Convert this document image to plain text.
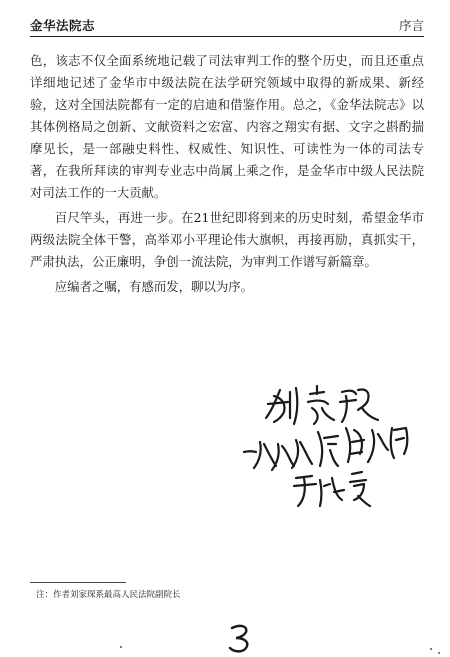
金华法院志	序言

色，该志不仅全面系统地记载了司法审判工作的整个历史，而且还重点详细地记述了金华市中级法院在法学研究领域中取得的新成果、新经验，这对全国法院都有一定的启迪和借鉴作用。总之，《金华法院志》以其体例格局之创新、文献资料之宏富、内容之翔实有据、文字之斟酌揣摩见长，是一部融史料性、权威性、知识性、可读性为一体的司法专著，在我所拜读的审判专业志中尚属上乘之作，是金华市中级人民法院对司法工作的一大贡献。

百尺竿头，再进一步。在21世纪即将到来的历史时刻，希望金华市两级法院全体干警，高举邓小平理论伟大旗帜，再接再励，真抓实干，严肃执法，公正廉明，争创一流法院，为审判工作谱写新篇章。

应编者之嘱，有感而发，聊以为序。

注：作者刘家琛系最高人民法院副院长
